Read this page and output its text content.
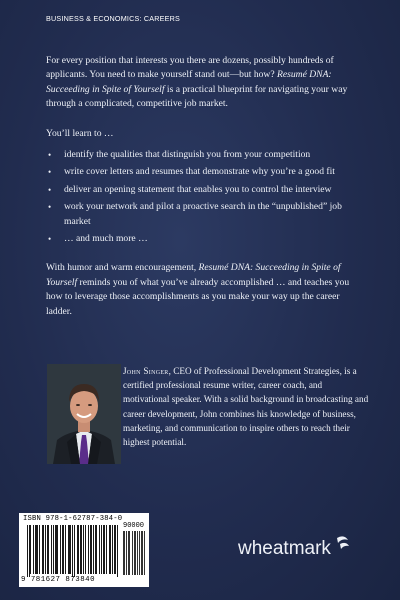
BUSINESS & ECONOMICS: CAREERS

For every position that interests you there are dozens, possibly hundreds of applicants. You need to make yourself stand out—but how? Resumé DNA: Succeeding in Spite of Yourself is a practical blueprint for navigating your way through a complicated, competitive job market.

You’ll learn to …

• identify the qualities that distinguish you from your competition
• write cover letters and resumes that demonstrate why you’re a good fit
• deliver an opening statement that enables you to control the interview
• work your network and pilot a proactive search in the “unpublished” job market
• … and much more …

With humor and warm encouragement, Resumé DNA: Succeeding in Spite of Yourself reminds you of what you’ve already accomplished … and teaches you how to leverage those accomplishments as you make your way up the career ladder.

John Singer, CEO of Professional Development Strategies, is a certified professional resume writer, career coach, and motivational speaker. With a solid background in broadcasting and career development, John combines his knowledge of business, marketing, and communication to inspire others to reach their highest potential.
ISBN 978-1-62787-384-0
90000
9 781627 873840
wheatmark
